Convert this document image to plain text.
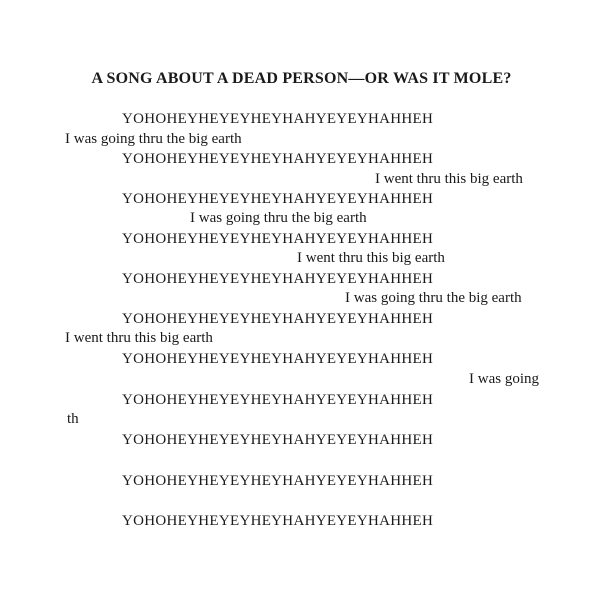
A SONG ABOUT A DEAD PERSON—OR WAS IT MOLE?
YOHOHEYHEYEYHEYHAHYEYEYHAHHEH
I was going thru the big earth
YOHOHEYHEYEYHEYHAHYEYEYHAHHEH
I went thru this big earth
YOHOHEYHEYEYHEYHAHYEYEYHAHHEH
I was going thru the big earth
YOHOHEYHEYEYHEYHAHYEYEYHAHHEH
I went thru this big earth
YOHOHEYHEYEYHEYHAHYEYEYHAHHEH
I was going thru the big earth
YOHOHEYHEYEYHEYHAHYEYEYHAHHEH
I went thru this big earth
YOHOHEYHEYEYHEYHAHYEYEYHAHHEH
I was going
YOHOHEYHEYEYHEYHAHYEYEYHAHHEH
th
YOHOHEYHEYEYHEYHAHYEYEYHAHHEH
YOHOHEYHEYEYHEYHAHYEYEYHAHHEH
YOHOHEYHEYEYHEYHAHYEYEYHAHHEH
